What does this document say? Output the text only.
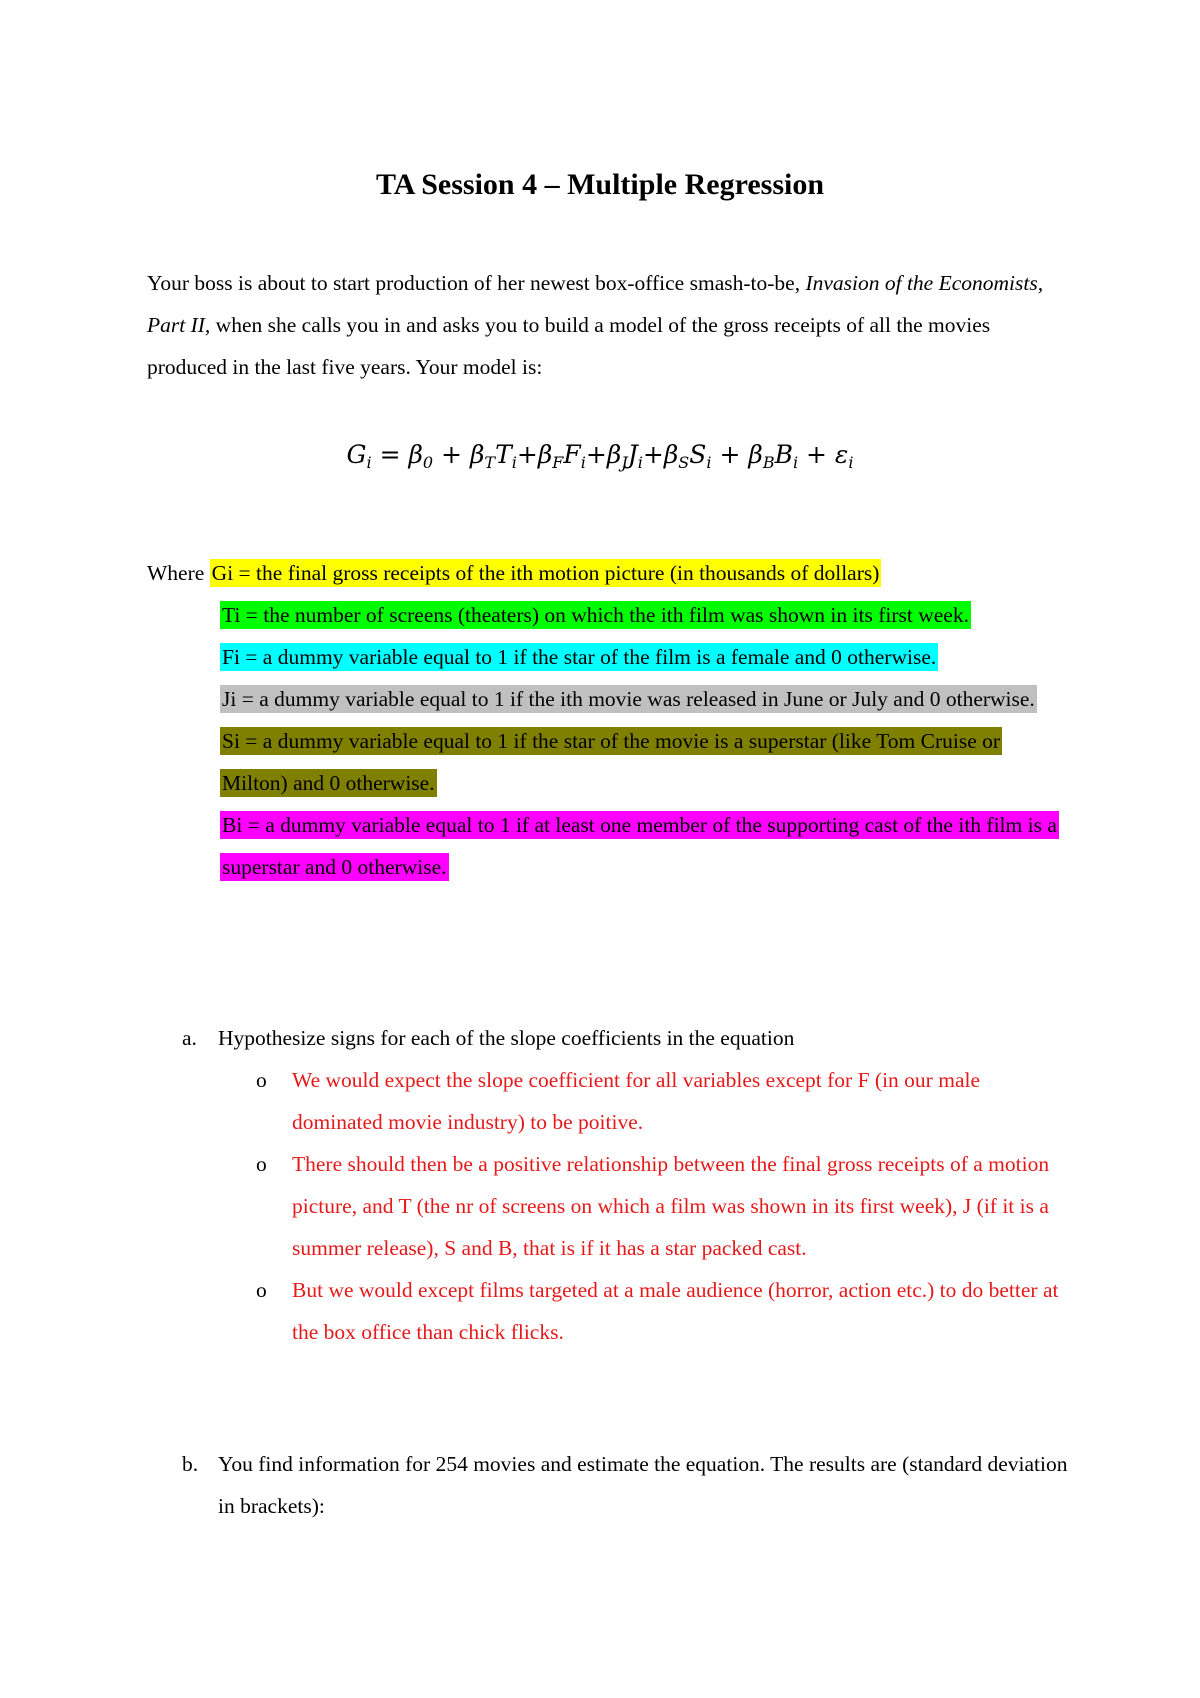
TA Session 4 – Multiple Regression
Your boss is about to start production of her newest box-office smash-to-be, Invasion of the Economists, Part II, when she calls you in and asks you to build a model of the gross receipts of all the movies produced in the last five years. Your model is:
$G_i = \beta_0 + \beta_TT_i+\beta_FF_i+\beta_JJ_i+\beta_SS_i + \beta_BB_i + \varepsilon_i$
Where Gi = the final gross receipts of the ith motion picture (in thousands of dollars)
Ti = the number of screens (theaters) on which the ith film was shown in its first week.
Fi = a dummy variable equal to 1 if the star of the film is a female and 0 otherwise.
Ji = a dummy variable equal to 1 if the ith movie was released in June or July and 0 otherwise.
Si = a dummy variable equal to 1 if the star of the movie is a superstar (like Tom Cruise or Milton) and 0 otherwise.
Bi = a dummy variable equal to 1 if at least one member of the supporting cast of the ith film is a superstar and 0 otherwise.
a. Hypothesize signs for each of the slope coefficients in the equation
o	We would expect the slope coefficient for all variables except for F (in our male dominated movie industry) to be poitive.
o	There should then be a positive relationship between the final gross receipts of a motion picture, and T (the nr of screens on which a film was shown in its first week), J (if it is a summer release), S and B, that is if it has a star packed cast.
o	But we would except films targeted at a male audience (horror, action etc.) to do better at the box office than chick flicks.
b. You find information for 254 movies and estimate the equation. The results are (standard deviation in brackets):
